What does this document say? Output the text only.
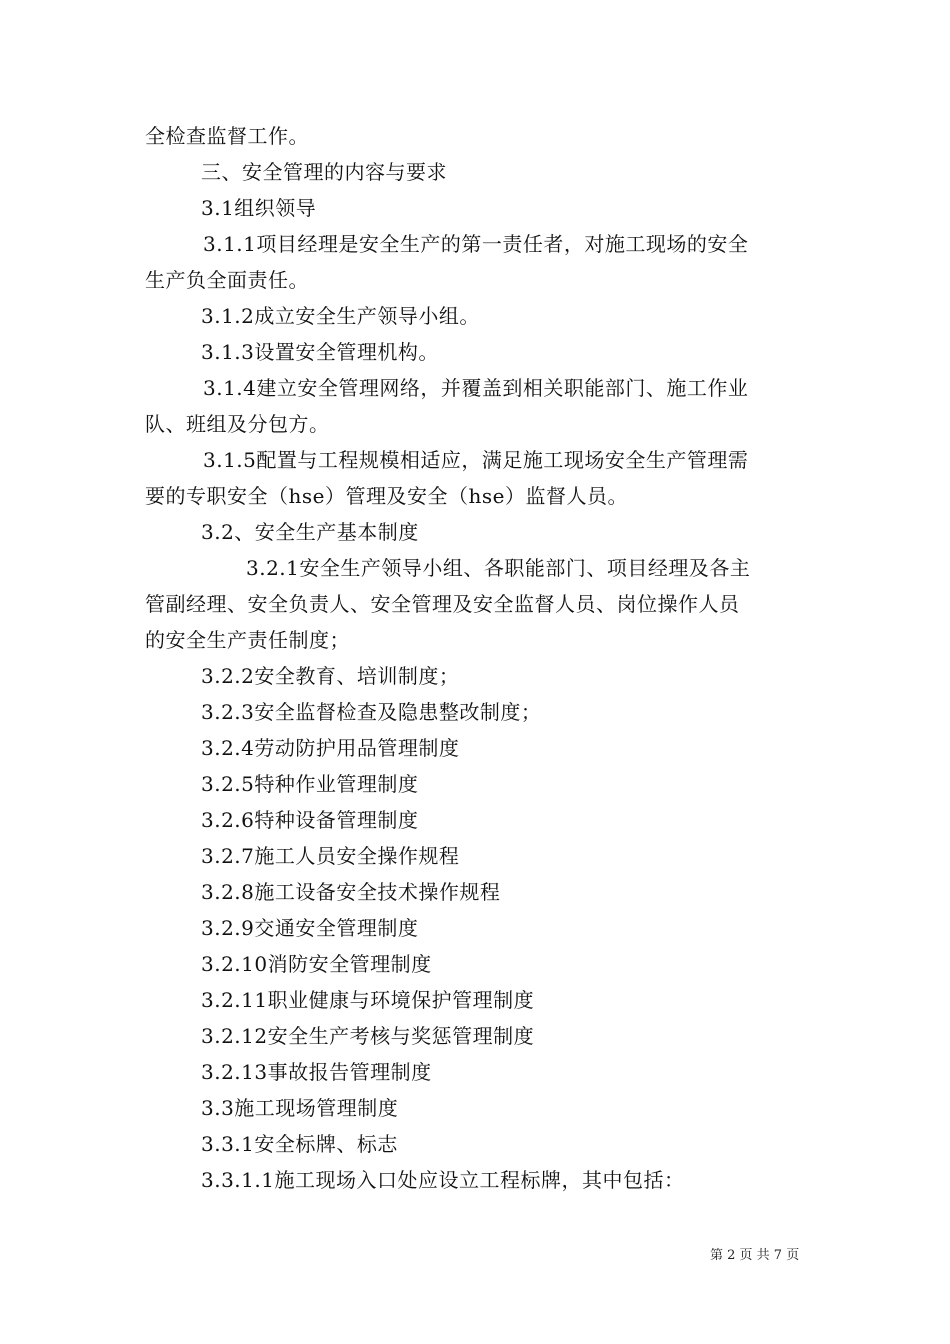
全检查监督工作。
三、安全管理的内容与要求
3.1组织领导
3.1.1项目经理是安全生产的第一责任者，对施工现场的安全
生产负全面责任。
3.1.2成立安全生产领导小组。
3.1.3设置安全管理机构。
3.1.4建立安全管理网络，并覆盖到相关职能部门、施工作业
队、班组及分包方。
3.1.5配置与工程规模相适应，满足施工现场安全生产管理需
要的专职安全（hse）管理及安全（hse）监督人员。
3.2、安全生产基本制度
3.2.1安全生产领导小组、各职能部门、项目经理及各主
管副经理、安全负责人、安全管理及安全监督人员、岗位操作人员
的安全生产责任制度；
3.2.2安全教育、培训制度；
3.2.3安全监督检查及隐患整改制度；
3.2.4劳动防护用品管理制度
3.2.5特种作业管理制度
3.2.6特种设备管理制度
3.2.7施工人员安全操作规程
3.2.8施工设备安全技术操作规程
3.2.9交通安全管理制度
3.2.10消防安全管理制度
3.2.11职业健康与环境保护管理制度
3.2.12安全生产考核与奖惩管理制度
3.2.13事故报告管理制度
3.3施工现场管理制度
3.3.1安全标牌、标志
3.3.1.1施工现场入口处应设立工程标牌，其中包括：
第 2 页 共 7 页
